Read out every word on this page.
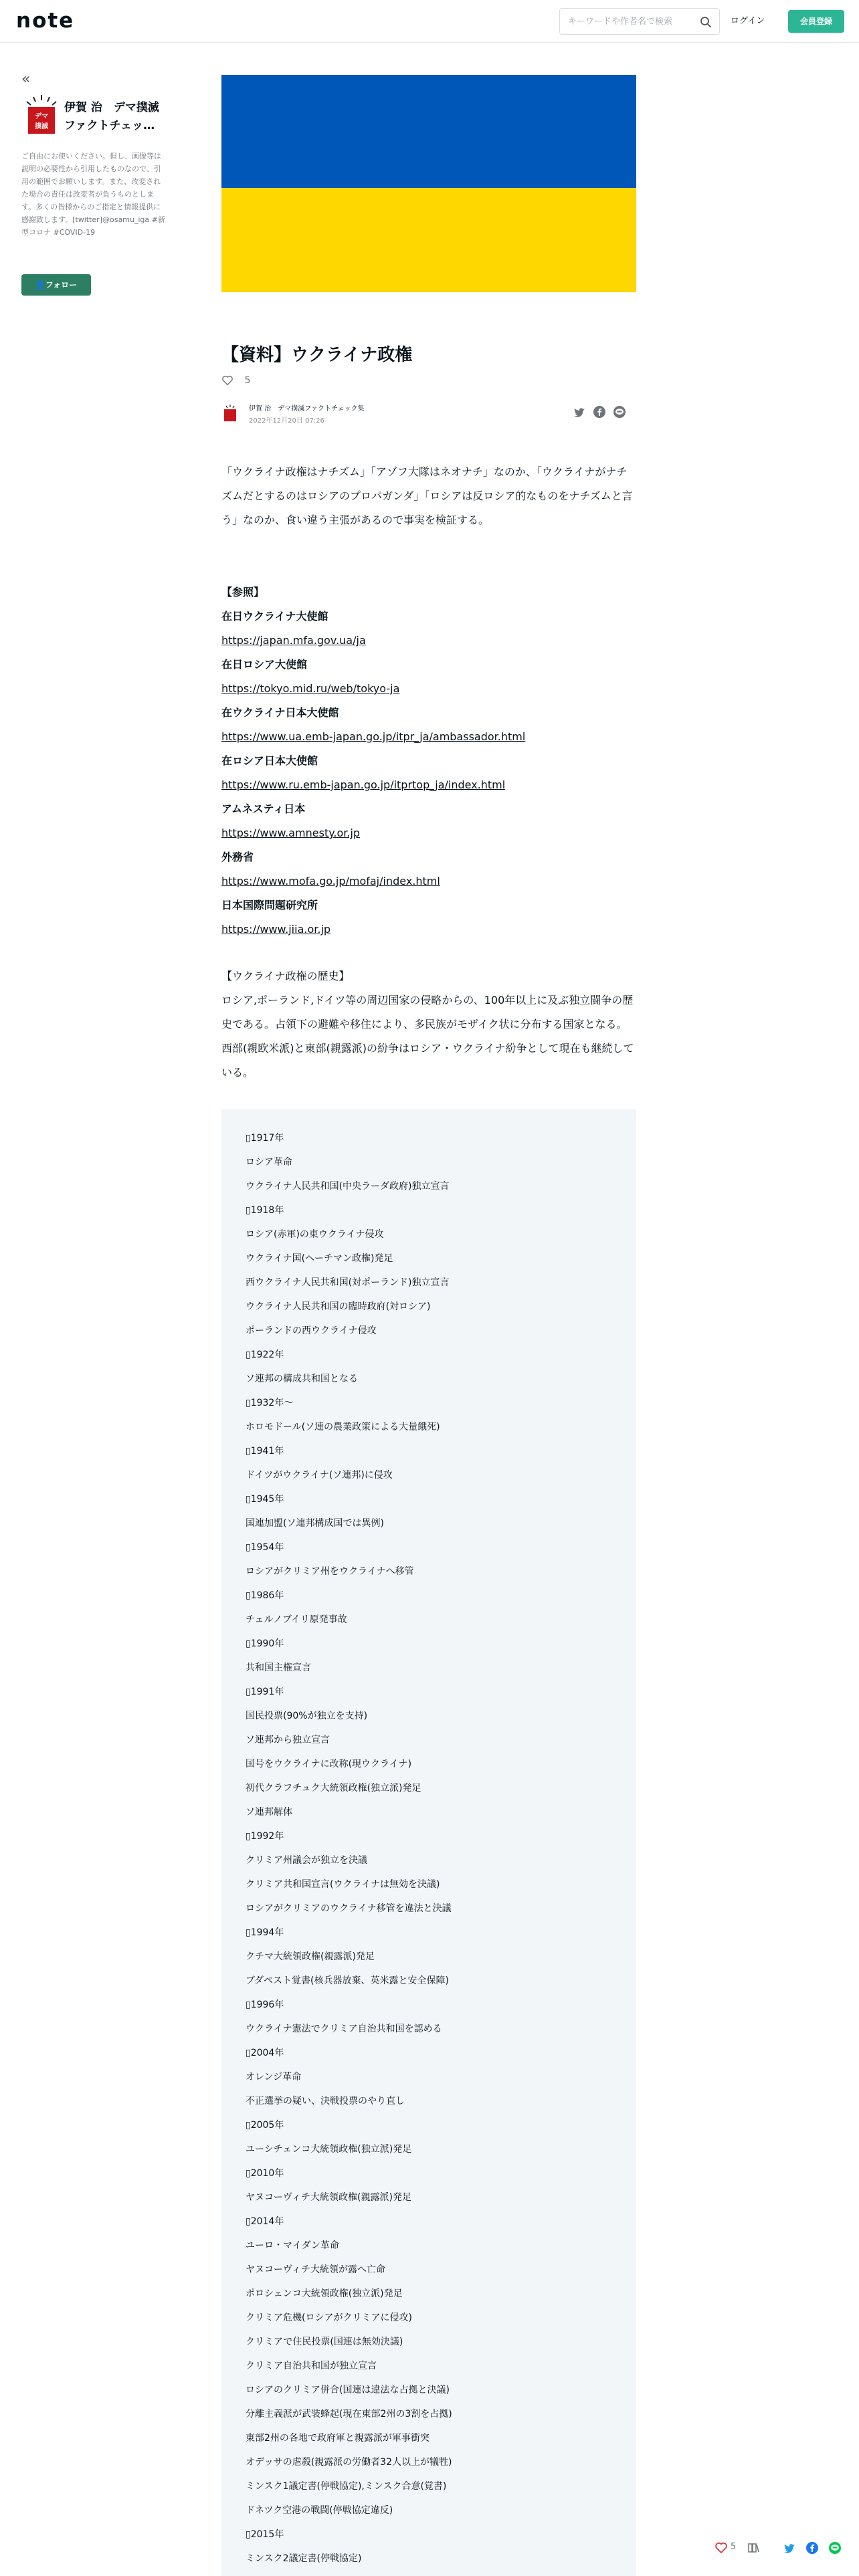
note
キーワードや作者名で検索	ログイン	会員登録
«
デマ
撲滅
伊賀 治　デマ撲滅ファクトチェッ…
ご自由にお使いください。但し、画像等は説明の必要性から引用したものなので、引用の範囲でお願いします。また、改変された場合の責任は改変者が負うものとします。多くの皆様からのご指定と情報提供に感謝致します。[twitter]@osamu_iga #新型コロナ #COVID-19
👤フォロー
【資料】ウクライナ政権
5
伊賀 治　デマ撲滅ファクトチェック集
2022年12月20日 07:26
「ウクライナ政権はナチズム」「アゾフ大隊はネオナチ」なのか、「ウクライナがナチズムだとするのはロシアのプロパガンダ」「ロシアは反ロシア的なものをナチズムと言う」なのか、食い違う主張があるので事実を検証する。
【参照】
在日ウクライナ大使館
https://japan.mfa.gov.ua/ja
在日ロシア大使館
https://tokyo.mid.ru/web/tokyo-ja
在ウクライナ日本大使館
https://www.ua.emb-japan.go.jp/itpr_ja/ambassador.html
在ロシア日本大使館
https://www.ru.emb-japan.go.jp/itprtop_ja/index.html
アムネスティ日本
https://www.amnesty.or.jp
外務省
https://www.mofa.go.jp/mofaj/index.html
日本国際問題研究所
https://www.jiia.or.jp
【ウクライナ政権の歴史】
ロシア,ポーランド,ドイツ等の周辺国家の侵略からの、100年以上に及ぶ独立闘争の歴史である。占領下の避難や移住により、多民族がモザイク状に分布する国家となる。西部(親欧米派)と東部(親露派)の紛争はロシア・ウクライナ紛争として現在も継続している。
▯1917年
ロシア革命
ウクライナ人民共和国(中央ラーダ政府)独立宣言
▯1918年
ロシア(赤軍)の東ウクライナ侵攻
ウクライナ国(ヘーチマン政権)発足
西ウクライナ人民共和国(対ポーランド)独立宣言
ウクライナ人民共和国の臨時政府(対ロシア)
ポーランドの西ウクライナ侵攻
▯1922年
ソ連邦の構成共和国となる
▯1932年〜
ホロモドール(ソ連の農業政策による大量餓死)
▯1941年
ドイツがウクライナ(ソ連邦)に侵攻
▯1945年
国連加盟(ソ連邦構成国では異例)
▯1954年
ロシアがクリミア州をウクライナへ移管
▯1986年
チェルノブイリ原発事故
▯1990年
共和国主権宣言
▯1991年
国民投票(90%が独立を支持)
ソ連邦から独立宣言
国号をウクライナに改称(現ウクライナ)
初代クラフチュク大統領政権(独立派)発足
ソ連邦解体
▯1992年
クリミア州議会が独立を決議
クリミア共和国宣言(ウクライナは無効を決議)
ロシアがクリミアのウクライナ移管を違法と決議
▯1994年
クチマ大統領政権(親露派)発足
ブダペスト覚書(核兵器放棄、英米露と安全保障)
▯1996年
ウクライナ憲法でクリミア自治共和国を認める
▯2004年
オレンジ革命
不正選挙の疑い、決戦投票のやり直し
▯2005年
ユーシチェンコ大統領政権(独立派)発足
▯2010年
ヤヌコーヴィチ大統領政権(親露派)発足
▯2014年
ユーロ・マイダン革命
ヤヌコーヴィチ大統領が露へ亡命
ポロシェンコ大統領政権(独立派)発足
クリミア危機(ロシアがクリミアに侵攻)
クリミアで住民投票(国連は無効決議)
クリミア自治共和国が独立宣言
ロシアのクリミア併合(国連は違法な占拠と決議)
分離主義派が武装蜂起(現在東部2州の3割を占拠)
東部2州の各地で政府軍と親露派が軍事衝突
オデッサの虐殺(親露派の労働者32人以上が犠牲)
ミンスク1議定書(停戦協定),ミンスク合意(覚書)
ドネツク空港の戦闘(停戦協定違反)
▯2015年
ミンスク2議定書(停戦協定)
5
